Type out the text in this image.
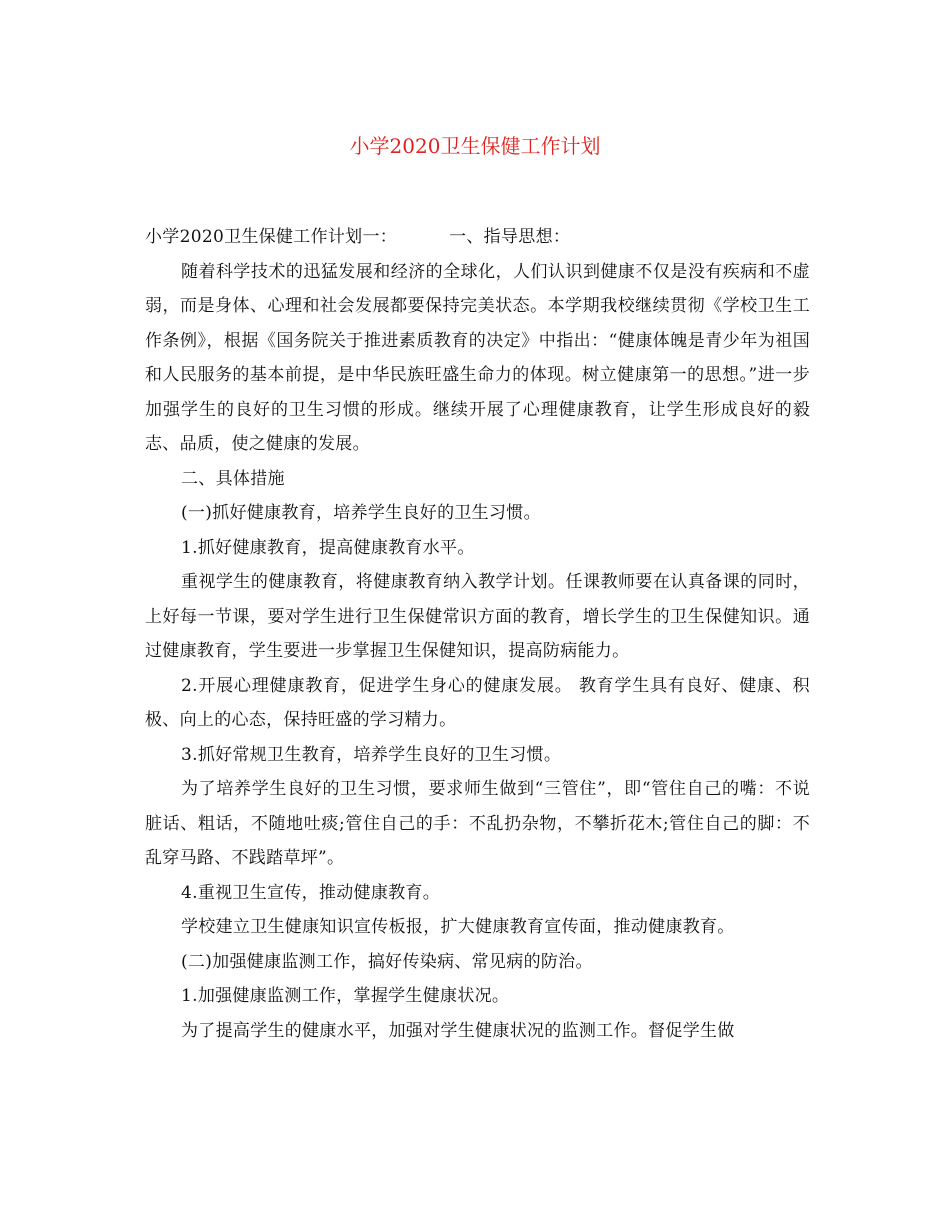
小学2020卫生保健工作计划

小学2020卫生保健工作计划一：	一、指导思想：

随着科学技术的迅猛发展和经济的全球化，人们认识到健康不仅是没有疾病和不虚弱，而是身体、心理和社会发展都要保持完美状态。本学期我校继续贯彻《学校卫生工作条例》，根据《国务院关于推进素质教育的决定》中指出：“健康体魄是青少年为祖国和人民服务的基本前提，是中华民族旺盛生命力的体现。树立健康第一的思想。”进一步加强学生的良好的卫生习惯的形成。继续开展了心理健康教育，让学生形成良好的毅志、品质，使之健康的发展。

二、具体措施

(一)抓好健康教育，培养学生良好的卫生习惯。

1.抓好健康教育，提高健康教育水平。

重视学生的健康教育，将健康教育纳入教学计划。任课教师要在认真备课的同时，上好每一节课，要对学生进行卫生保健常识方面的教育，增长学生的卫生保健知识。通过健康教育，学生要进一步掌握卫生保健知识，提高防病能力。

2.开展心理健康教育，促进学生身心的健康发展。 教育学生具有良好、健康、积极、向上的心态，保持旺盛的学习精力。

3.抓好常规卫生教育，培养学生良好的卫生习惯。

为了培养学生良好的卫生习惯，要求师生做到“三管住”，即“管住自己的嘴：不说脏话、粗话，不随地吐痰;管住自己的手：不乱扔杂物，不攀折花木;管住自己的脚：不乱穿马路、不践踏草坪”。

4.重视卫生宣传，推动健康教育。

学校建立卫生健康知识宣传板报，扩大健康教育宣传面，推动健康教育。

(二)加强健康监测工作，搞好传染病、常见病的防治。

1.加强健康监测工作，掌握学生健康状况。

为了提高学生的健康水平，加强对学生健康状况的监测工作。督促学生做
